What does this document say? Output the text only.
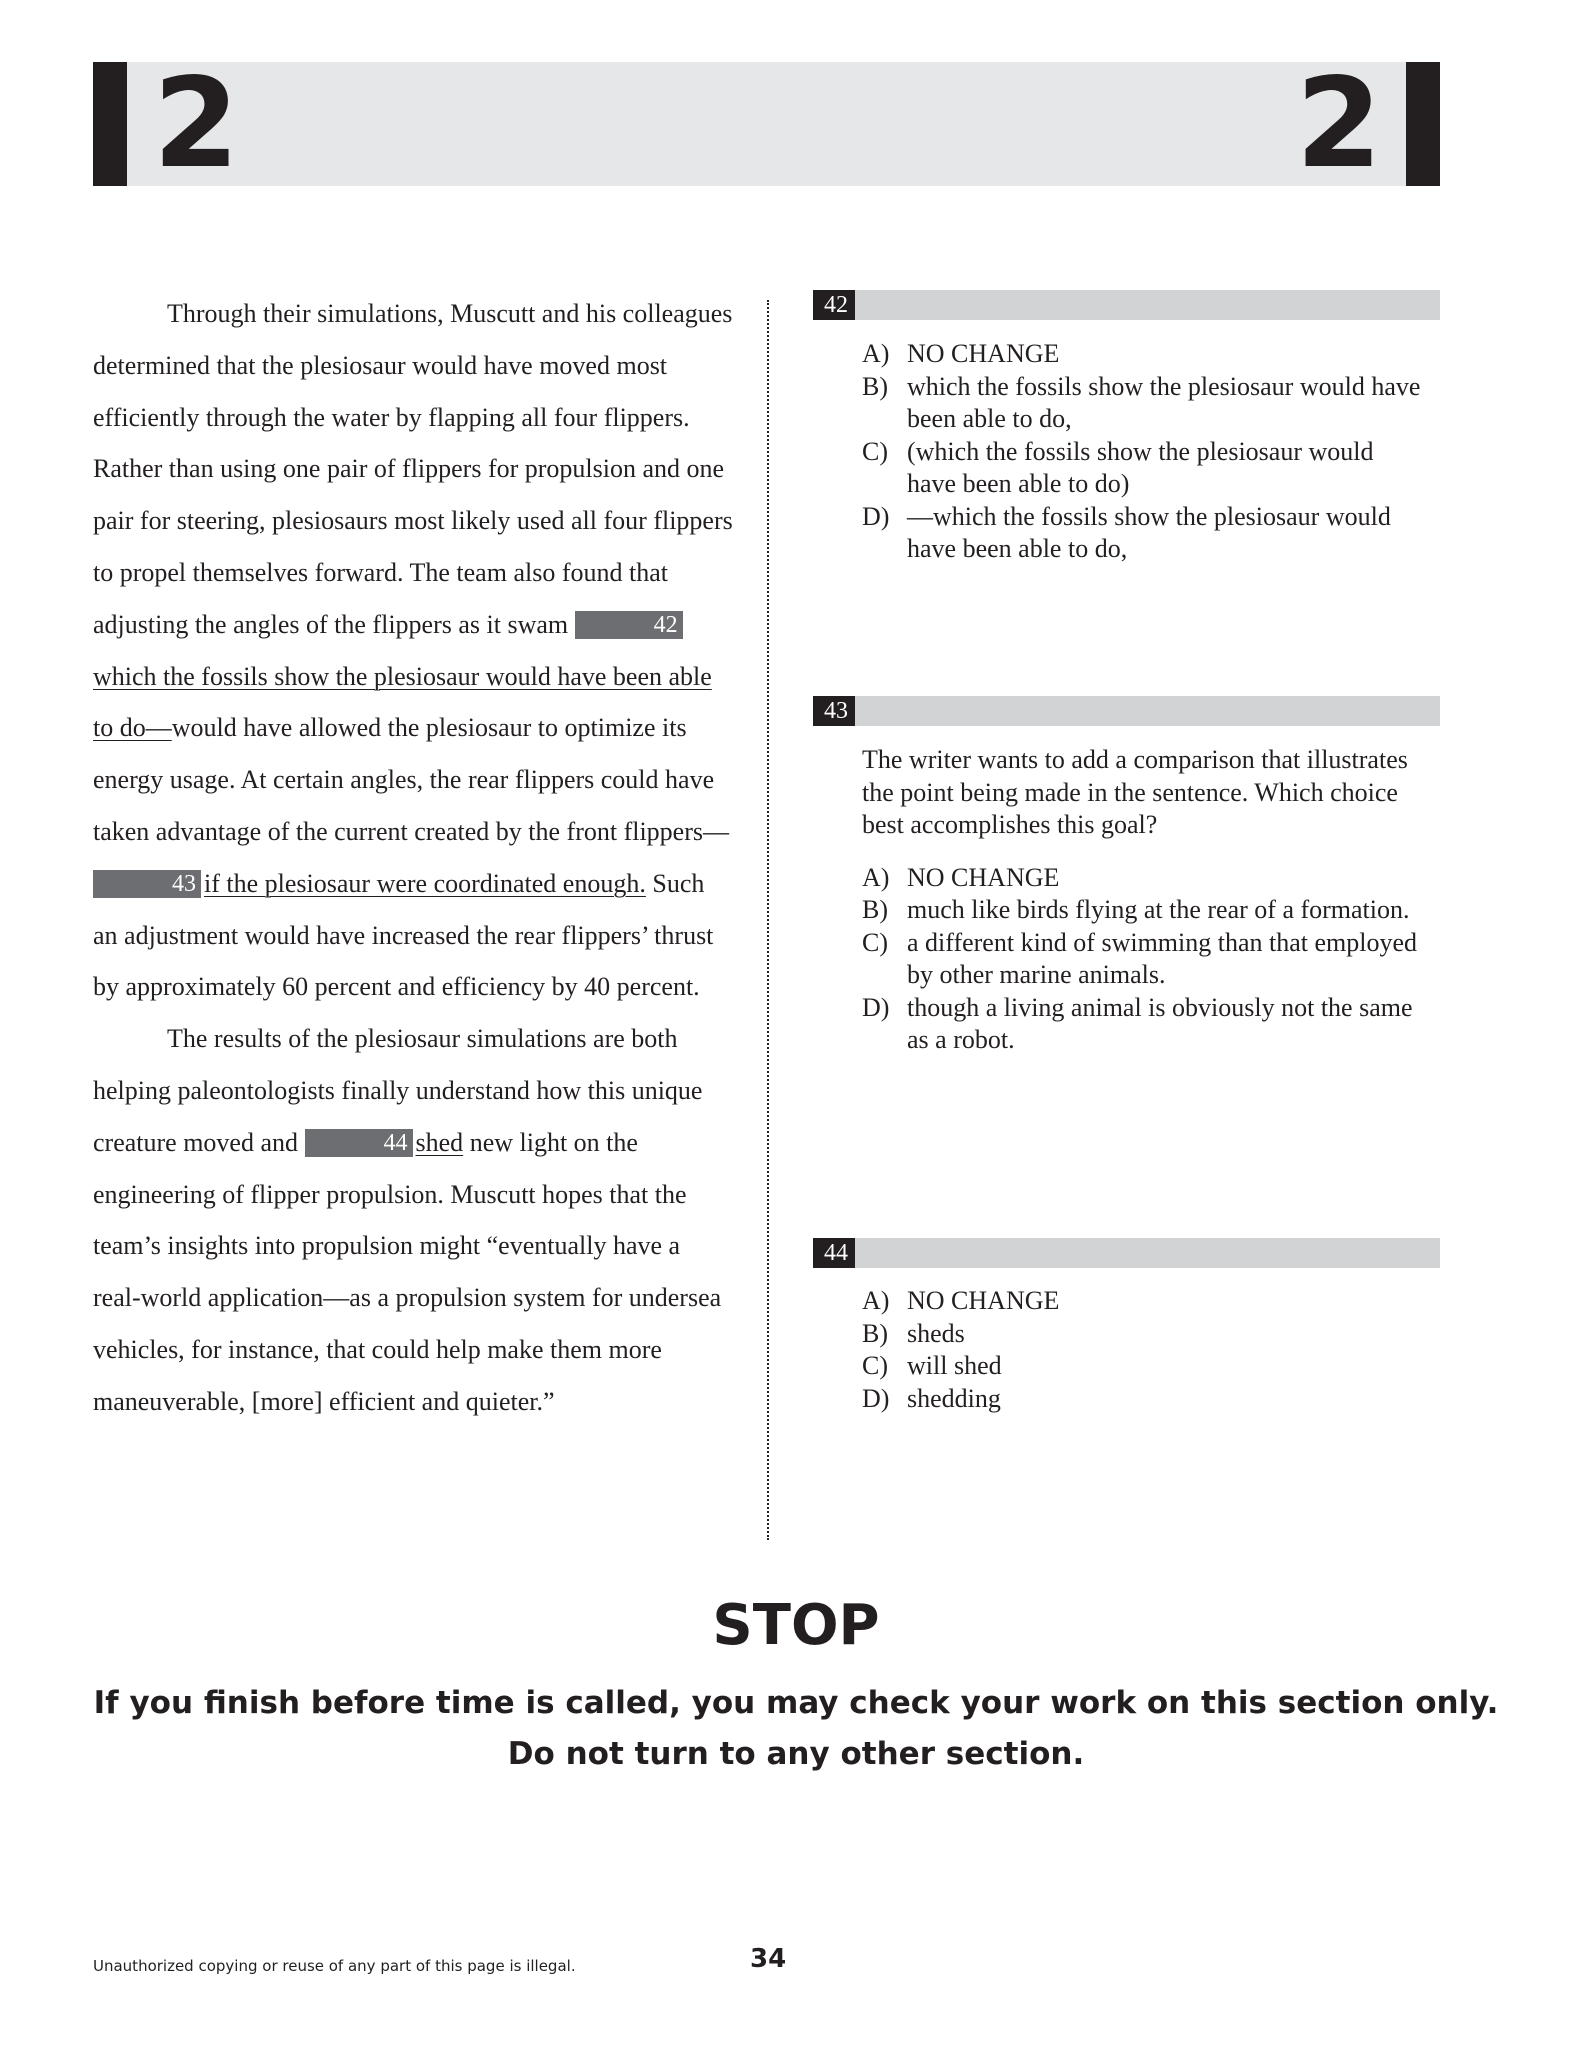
2	2

Through their simulations, Muscutt and his colleagues determined that the plesiosaur would have moved most efficiently through the water by flapping all four flippers. Rather than using one pair of flippers for propulsion and one pair for steering, plesiosaurs most likely used all four flippers to propel themselves forward. The team also found that adjusting the angles of the flippers as it swam	42which the fossils show the plesiosaur would have been able to do—would have allowed the plesiosaur to optimize its energy usage. At certain angles, the rear flippers could have taken advantage of the current created by the front flippers—
43 if the plesiosaur were coordinated enough. Such an adjustment would have increased the rear flippers’ thrust by approximately 60 percent and efficiency by 40 percent.

The results of the plesiosaur simulations are both helping paleontologists finally understand how this unique creature moved and	44 shed new light on the engineering of flipper propulsion. Muscutt hopes that the team’s insights into propulsion might “eventually have a real-world application—as a propulsion system for undersea vehicles, for instance, that could help make them more maneuverable, [more] efficient and quieter.”

42
A) NO CHANGE
B) which the fossils show the plesiosaur would have been able to do,
C) (which the fossils show the plesiosaur would have been able to do)
D) —which the fossils show the plesiosaur would have been able to do,
43

The writer wants to add a comparison that illustrates the point being made in the sentence. Which choice best accomplishes this goal?

A) NO CHANGE
B) much like birds flying at the rear of a formation.
C) a different kind of swimming than that employed by other marine animals.
D) though a living animal is obviously not the same as a robot.
44
A) NO CHANGE
B) sheds
C) will shed
D) shedding
STOP
If you finish before time is called, you may check your work on this section only.
Do not turn to any other section.
Unauthorized copying or reuse of any part of this page is illegal.	34
